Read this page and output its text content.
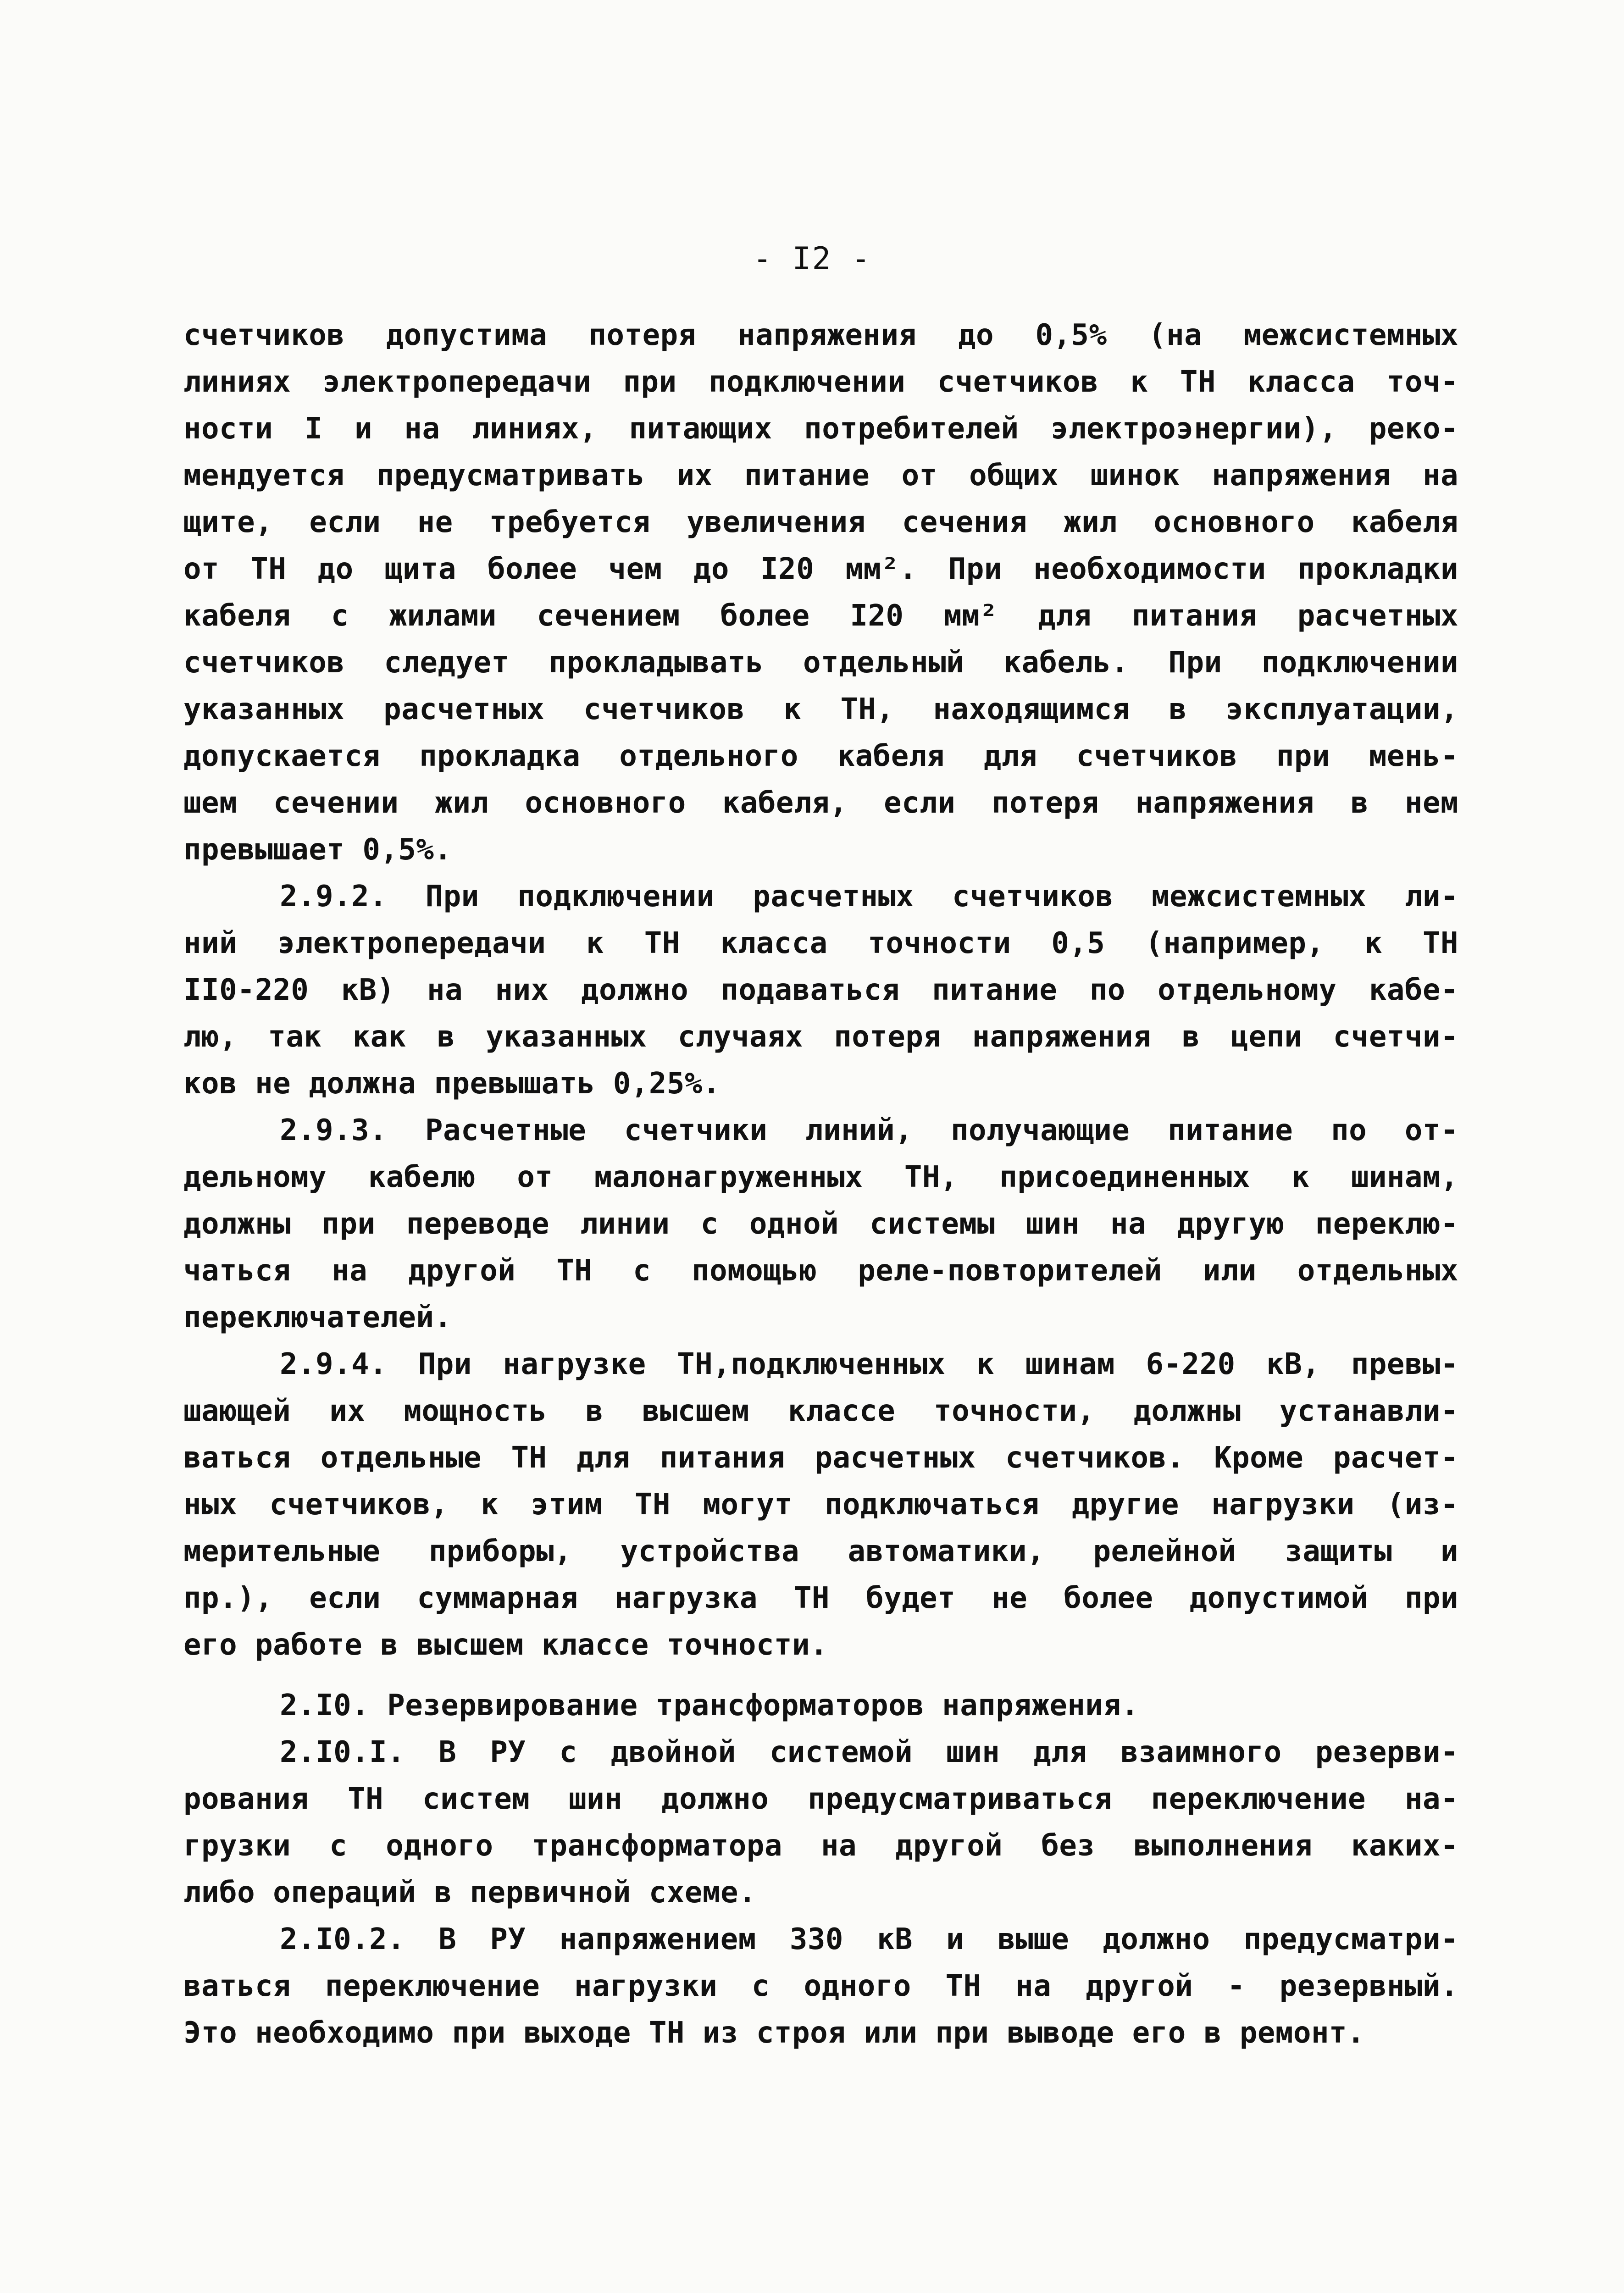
- I2 -
счетчиков допустима потеря напряжения до 0,5% (на межсистемных
линиях электропередачи при подключении счетчиков к ТН класса точ-
ности I и на линиях, питающих потребителей электроэнергии), реко-
мендуется предусматривать их питание от общих шинок напряжения на
щите, если не требуется увеличения сечения жил основного кабеля
от ТН до щита более чем до I20 мм². При необходимости прокладки
кабеля с жилами сечением более I20 мм² для питания расчетных
счетчиков следует прокладывать отдельный кабель. При подключении
указанных расчетных счетчиков к ТН, находящимся в эксплуатации,
допускается прокладка отдельного кабеля для счетчиков при мень-
шем сечении жил основного кабеля, если потеря напряжения в нем
превышает 0,5%.
2.9.2. При подключении расчетных счетчиков межсистемных ли-
ний электропередачи к ТН класса точности 0,5 (например, к ТН
II0-220 кВ) на них должно подаваться питание по отдельному кабе-
лю, так как в указанных случаях потеря напряжения в цепи счетчи-
ков не должна превышать 0,25%.
2.9.3. Расчетные счетчики линий, получающие питание по от-
дельному кабелю от малонагруженных ТН, присоединенных к шинам,
должны при переводе линии с одной системы шин на другую переклю-
чаться на другой ТН с помощью реле-повторителей или отдельных
переключателей.
2.9.4. При нагрузке ТН,подключенных к шинам 6-220 кВ, превы-
шающей их мощность в высшем классе точности, должны устанавли-
ваться отдельные ТН для питания расчетных счетчиков. Кроме расчет-
ных счетчиков, к этим ТН могут подключаться другие нагрузки (из-
мерительные приборы, устройства автоматики, релейной защиты и
пр.), если суммарная нагрузка ТН будет не более допустимой при
его работе в высшем классе точности.
2.I0. Резервирование трансформаторов напряжения.
2.I0.I. В РУ с двойной системой шин для взаимного резерви-
рования ТН систем шин должно предусматриваться переключение на-
грузки с одного трансформатора на другой без выполнения каких-
либо операций в первичной схеме.
2.I0.2. В РУ напряжением 330 кВ и выше должно предусматри-
ваться переключение нагрузки с одного ТН на другой - резервный.
Это необходимо при выходе ТН из строя или при выводе его в ремонт.
